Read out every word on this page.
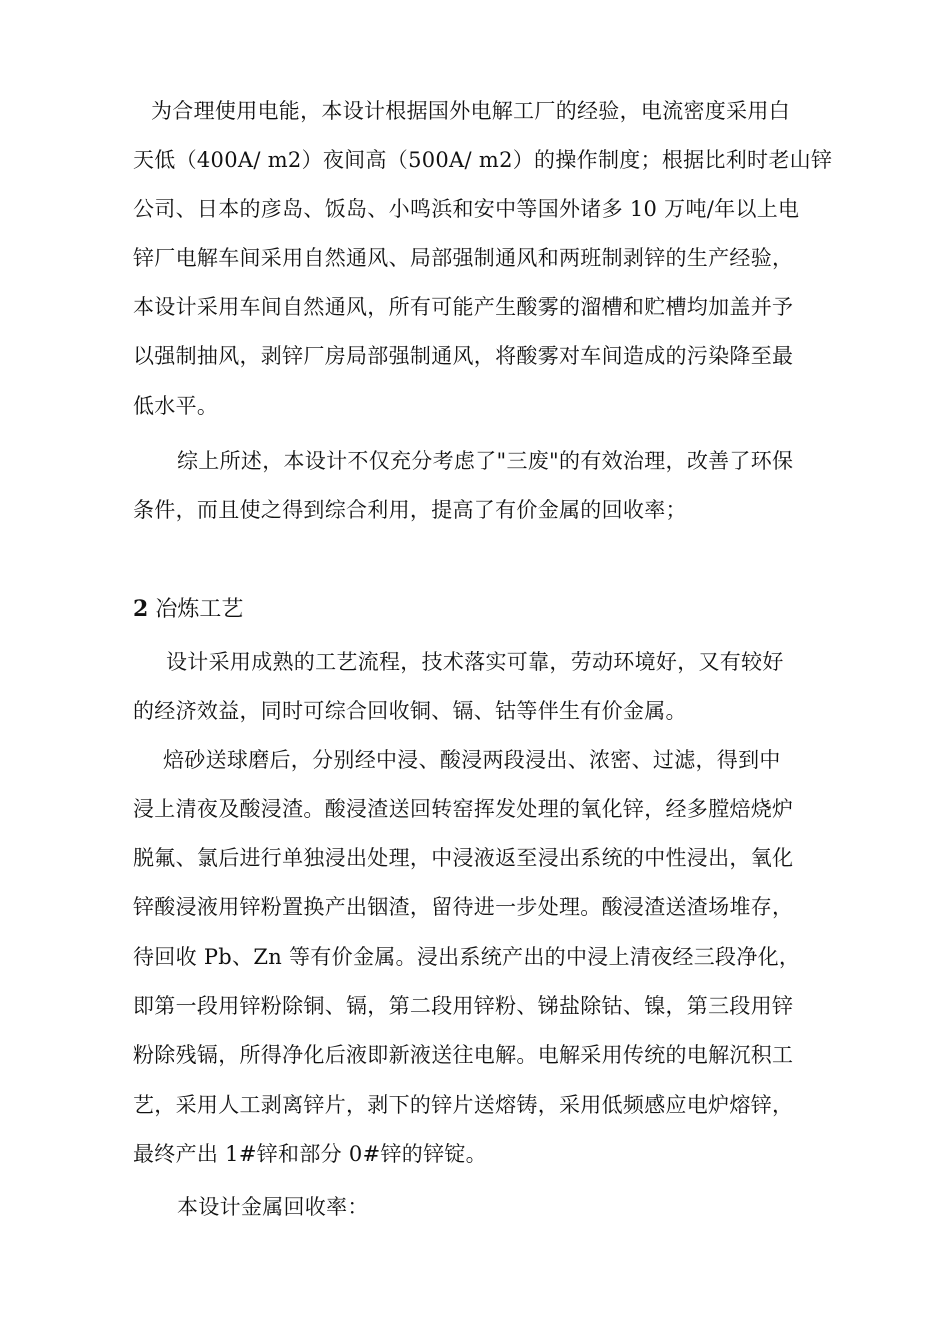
为合理使用电能，本设计根据国外电解工厂的经验，电流密度采用白
天低（400A/ m2）夜间高（500A/ m2）的操作制度；根据比利时老山锌
公司、日本的彦岛、饭岛、小鸣浜和安中等国外诸多 10 万吨/年以上电
锌厂电解车间采用自然通风、局部强制通风和两班制剥锌的生产经验，
本设计采用车间自然通风，所有可能产生酸雾的溜槽和贮槽均加盖并予
以强制抽风，剥锌厂房局部强制通风，将酸雾对车间造成的污染降至最
低水平。
综上所述，本设计不仅充分考虑了"三废"的有效治理，改善了环保
条件，而且使之得到综合利用，提高了有价金属的回收率；
2 冶炼工艺
设计采用成熟的工艺流程，技术落实可靠，劳动环境好，又有较好
的经济效益，同时可综合回收铜、镉、钴等伴生有价金属。
焙砂送球磨后，分别经中浸、酸浸两段浸出、浓密、过滤，得到中
浸上清夜及酸浸渣。酸浸渣送回转窑挥发处理的氧化锌，经多膛焙烧炉
脱氟、氯后进行单独浸出处理，中浸液返至浸出系统的中性浸出，氧化
锌酸浸液用锌粉置换产出铟渣，留待进一步处理。酸浸渣送渣场堆存，
待回收 Pb、Zn 等有价金属。浸出系统产出的中浸上清夜经三段净化，
即第一段用锌粉除铜、镉，第二段用锌粉、锑盐除钴、镍，第三段用锌
粉除残镉，所得净化后液即新液送往电解。电解采用传统的电解沉积工
艺，采用人工剥离锌片，剥下的锌片送熔铸，采用低频感应电炉熔锌，
最终产出 1#锌和部分 0#锌的锌锭。
本设计金属回收率：
